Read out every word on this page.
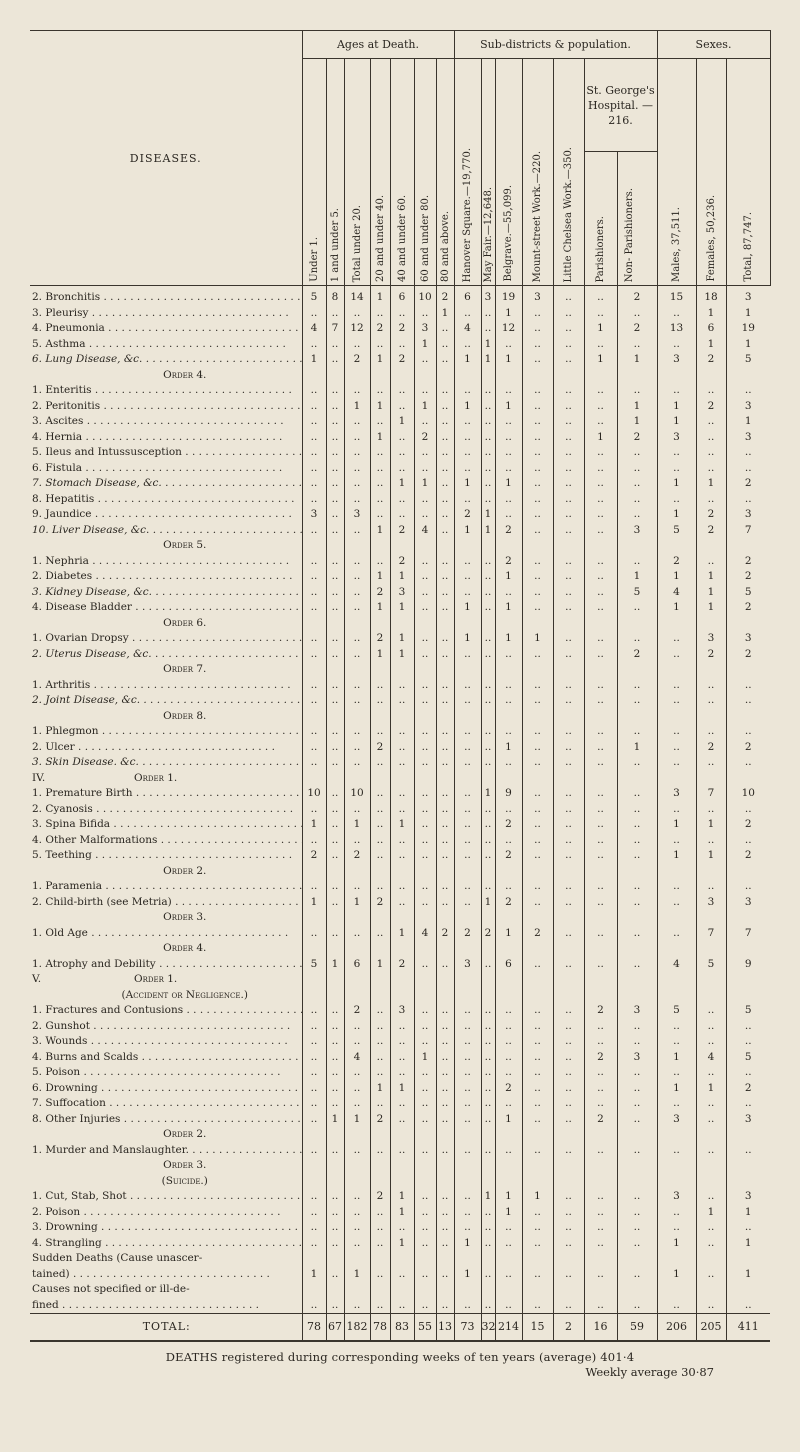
DISEASES.	Ages at Death.							Sub-districts & population.							Sexes.		
	Under 1.	1 and under 5.	Total under 20.	20 and under 40.	40 and under 60.	60 and under 80.	80 and above.	Hanover Square.—19,770.	May Fair.—12,648.	Belgrave.—55,099.	Mount-street Work.—220.	Little Chelsea Work.—350.	St. George's Hospital. —216.		Males, 37,511.	Females, 50,236.	Total, 87,747.
													Parishioners.	Non- Parishioners.			
2. Bronchitis . . .	5	8	14	1	6	10	2	6	3	19	3	..	..	2	15	18	3
3. Pleurisy . . .	..	..	..	..	..	..	1	..	..	1	..	..	..	..	..	1	1
4. Pneumonia . . .	4	7	12	2	2	3	..	4	..	12	..	..	1	2	13	6	19
5. Asthma . . .	..	..	..	..	..	1	..	..	1	..	..	..	..	..	..	1	1
6. Lung Disease, &c. . . .	1	..	2	1	2	..	..	1	1	1	..	..	1	1	3	2	5
Order 4.																	
1. Enteritis . . .	..	..	..	..	..	..	..	..	..	..	..	..	..	..	..	..	..
2. Peritonitis . . .	..	..	1	1	..	1	..	1	..	1	..	..	..	1	1	2	3
3. Ascites . . .	..	..	..	..	1	..	..	..	..	..	..	..	..	1	1	..	1
4. Hernia . . .	..	..	..	1	..	2	..	..	..	..	..	..	1	2	3	..	3
5. Ileus and Intussusception . . .	..	..	..	..	..	..	..	..	..	..	..	..	..	..	..	..	..
6. Fistula . . .	..	..	..	..	..	..	..	..	..	..	..	..	..	..	..	..	..
7. Stomach Disease, &c. . . .	..	..	..	..	1	1	..	1	..	1	..	..	..	..	1	1	2
8. Hepatitis . . .	..	..	..	..	..	..	..	..	..	..	..	..	..	..	..	..	..
9. Jaundice . . .	3	..	3	..	..	..	..	2	1	..	..	..	..	..	1	2	3
10. Liver Disease, &c. . . .	..	..	..	1	2	4	..	1	1	2	..	..	..	3	5	2	7
Order 5.																	
1. Nephria . . .	..	..	..	..	2	..	..	..	..	2	..	..	..	..	2	..	2
2. Diabetes . . .	..	..	..	1	1	..	..	..	..	1	..	..	..	1	1	1	2
3. Kidney Disease, &c. . . .	..	..	..	2	3	..	..	..	..	..	..	..	..	5	4	1	5
4. Disease Bladder . . .	..	..	..	1	1	..	..	1	..	1	..	..	..	..	1	1	2
Order 6.																	
1. Ovarian Dropsy . . .	..	..	..	2	1	..	..	1	..	1	1	..	..	..	..	3	3
2. Uterus Disease, &c. . . .	..	..	..	1	1	..	..	..	..	..	..	..	..	2	..	2	2
Order 7.																	
1. Arthritis . . .	..	..	..	..	..	..	..	..	..	..	..	..	..	..	..	..	..
2. Joint Disease, &c. . . .	..	..	..	..	..	..	..	..	..	..	..	..	..	..	..	..	..
Order 8.																	
1. Phlegmon . . .	..	..	..	..	..	..	..	..	..	..	..	..	..	..	..	..	..
2. Ulcer . . .	..	..	..	2	..	..	..	..	..	1	..	..	..	1	..	2	2
3. Skin Disease. &c. . . .	..	..	..	..	..	..	..	..	..	..	..	..	..	..	..	..	..
IV. Order 1.																	
1. Premature Birth . . .	10	..	10	..	..	..	..	..	1	9	..	..	..	..	3	7	10
2. Cyanosis . . .	..	..	..	..	..	..	..	..	..	..	..	..	..	..	..	..	..
3. Spina Bifida . . .	1	..	1	..	1	..	..	..	..	2	..	..	..	..	1	1	2
4. Other Malformations . . .	..	..	..	..	..	..	..	..	..	..	..	..	..	..	..	..	..
5. Teething . . .	2	..	2	..	..	..	..	..	..	2	..	..	..	..	1	1	2
Order 2.																	
1. Paramenia . . .	..	..	..	..	..	..	..	..	..	..	..	..	..	..	..	..	..
2. Child-birth (see Metria) . . .	1	..	1	2	..	..	..	..	1	2	..	..	..	..	..	3	3
Order 3.																	
1. Old Age . . .	..	..	..	..	1	4	2	2	2	1	2	..	..	..	..	7	7
Order 4.																	
1. Atrophy and Debility . . .	5	1	6	1	2	..	..	3	..	6	..	..	..	..	4	5	9
V. Order 1.																	
(Accident or Negligence.)																	
1. Fractures and Contusions . . .	..	..	2	..	3	..	..	..	..	..	..	..	2	3	5	..	5
2. Gunshot . . .	..	..	..	..	..	..	..	..	..	..	..	..	..	..	..	..	..
3. Wounds . . .	..	..	..	..	..	..	..	..	..	..	..	..	..	..	..	..	..
4. Burns and Scalds . . .	..	..	4	..	..	1	..	..	..	..	..	..	2	3	1	4	5
5. Poison . . .	..	..	..	..	..	..	..	..	..	..	..	..	..	..	..	..	..
6. Drowning . . .	..	..	..	1	1	..	..	..	..	2	..	..	..	..	1	1	2
7. Suffocation . . .	..	..	..	..	..	..	..	..	..	..	..	..	..	..	..	..	..
8. Other Injuries . . .	..	1	1	2	..	..	..	..	..	1	..	..	2	..	3	..	3
Order 2.																	
1. Murder and Manslaughter. . . .	..	..	..	..	..	..	..	..	..	..	..	..	..	..	..	..	..
Order 3.																	
(Suicide.)																	
1. Cut, Stab, Shot . . .	..	..	..	2	1	..	..	..	1	1	1	..	..	..	3	..	3
2. Poison . . .	..	..	..	..	1	..	..	..	..	1	..	..	..	..	..	1	1
3. Drowning . . .	..	..	..	..	..	..	..	..	..	..	..	..	..	..	..	..	..
4. Strangling . . .	..	..	..	..	1	..	..	1	..	..	..	..	..	..	1	..	1
Sudden Deaths (Cause unascer-																	
tained) . . .	1	..	1	..	..	..	..	1	..	..	..	..	..	..	1	..	1
Causes not specified or ill-de-																	
fined . . .	..	..	..	..	..	..	..	..	..	..	..	..	..	..	..	..	..
TOTAL:	78	67	182	78	83	55	13	73	32	214	15	2	16	59	206	205	411
DEATHS registered during corresponding weeks of ten years (average) 401·4
Weekly average 30·87
